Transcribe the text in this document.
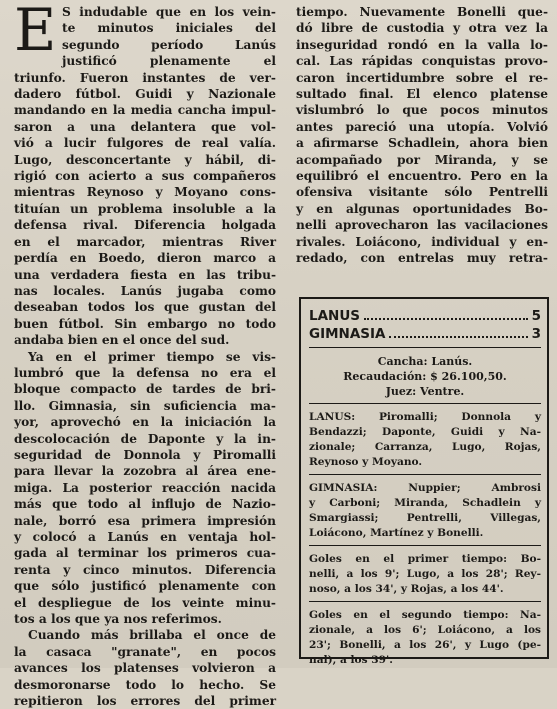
E S indudable que en los vein-
te minutos iniciales del
segundo período Lanús
justificó plenamente el
triunfo. Fueron instantes de ver-
dadero fútbol. Guidi y Nazionale
mandando en la media cancha impul-
saron a una delantera que vol-
vió a lucir fulgores de real valía.
Lugo, desconcertante y hábil, di-
rigió con acierto a sus compañeros
mientras Reynoso y Moyano cons-
tituían un problema insoluble a la
defensa rival. Diferencia holgada
en el marcador, mientras River
perdía en Boedo, dieron marco a
una verdadera fiesta en las tribu-
nas locales. Lanús jugaba como
deseaban todos los que gustan del
buen fútbol. Sin embargo no todo
andaba bien en el once del sud.
Ya en el primer tiempo se vis-
lumbró que la defensa no era el
bloque compacto de tardes de bri-
llo. Gimnasia, sin suficiencia ma-
yor, aprovechó en la iniciación la
descolocación de Daponte y la in-
seguridad de Donnola y Piromalli
para llevar la zozobra al área ene-
miga. La posterior reacción nacida
más que todo al influjo de Nazio-
nale, borró esa primera impresión
y colocó a Lanús en ventaja hol-
gada al terminar los primeros cua-
renta y cinco minutos. Diferencia
que sólo justificó plenamente con
el despliegue de los veinte minu-
tos a los que ya nos referimos.
Cuando más brillaba el once de
la casaca "granate", en pocos
avances los platenses volvieron a
desmoronarse todo lo hecho. Se
repitieron los errores del primer
tiempo. Nuevamente Bonelli que-
dó libre de custodia y otra vez la
inseguridad rondó en la valla lo-
cal. Las rápidas conquistas provo-
caron incertidumbre sobre el re-
sultado final. El elenco platense
vislumbró lo que pocos minutos
antes pareció una utopía. Volvió
a afirmarse Schadlein, ahora bien
acompañado por Miranda, y se
equilibró el encuentro. Pero en la
ofensiva visitante sólo Pentrelli
y en algunas oportunidades Bo-
nelli aprovecharon las vacilaciones
rivales. Loiácono, individual y en-
redado, con entrelas muy retra-
LANUS	5
GIMNASIA	3
Cancha: Lanús.
Recaudación: $ 26.100,50.
Juez: Ventre.
LANUS: Piromalli; Donnola y
Bendazzi; Daponte, Guidi y Na-
zionale; Carranza, Lugo, Rojas,
Reynoso y Moyano.
GIMNASIA: Nuppier; Ambrosi
y Carboni; Miranda, Schadlein y
Smargiassi; Pentrelli, Villegas,
Loiácono, Martínez y Bonelli.
Goles en el primer tiempo: Bo-
nelli, a los 9'; Lugo, a los 28'; Rey-
noso, a los 34', y Rojas, a los 44'.
Goles en el segundo tiempo: Na-
zionale, a los 6'; Loiácono, a los
23'; Bonelli, a los 26', y Lugo (pe-
nal), a los 39'.
